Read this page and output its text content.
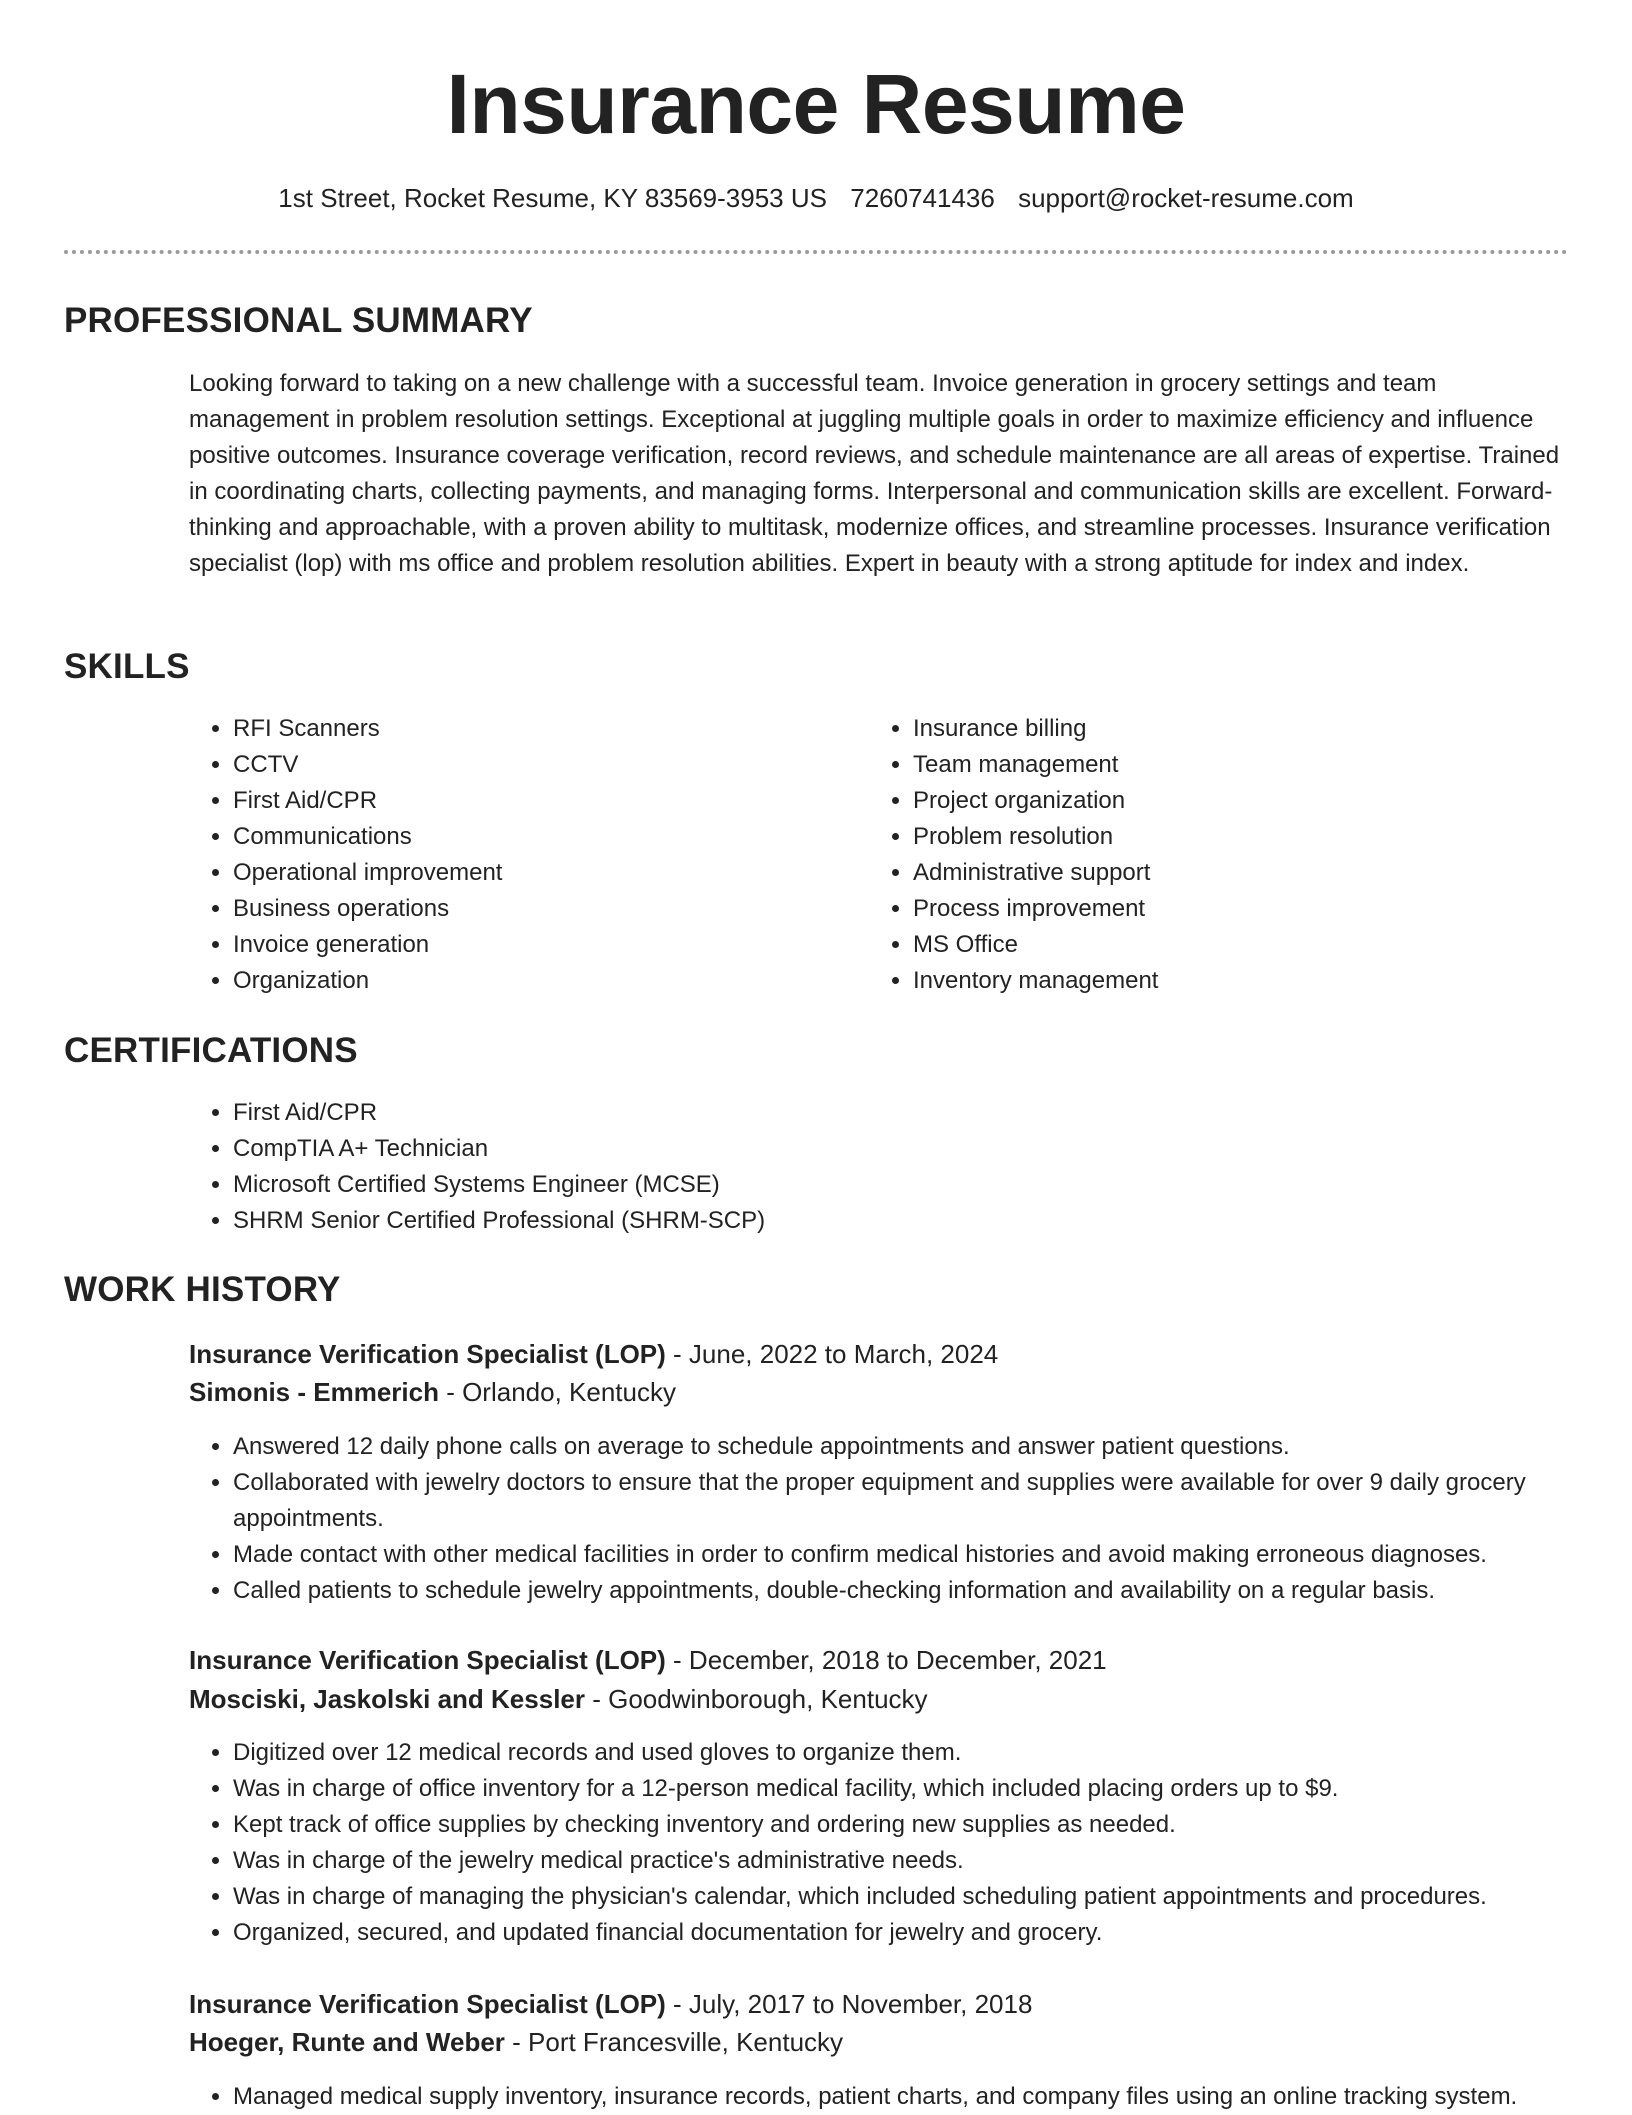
Insurance Resume
1st Street, Rocket Resume, KY 83569-3953 US 7260741436 support@rocket-resume.com
PROFESSIONAL SUMMARY

Looking forward to taking on a new challenge with a successful team. Invoice generation in grocery settings and team management in problem resolution settings. Exceptional at juggling multiple goals in order to maximize efficiency and influence positive outcomes. Insurance coverage verification, record reviews, and schedule maintenance are all areas of expertise. Trained in coordinating charts, collecting payments, and managing forms. Interpersonal and communication skills are excellent. Forward-thinking and approachable, with a proven ability to multitask, modernize offices, and streamline processes. Insurance verification specialist (lop) with ms office and problem resolution abilities. Expert in beauty with a strong aptitude for index and index.

SKILLS
• RFI Scanners
• CCTV
• First Aid/CPR
• Communications
• Operational improvement
• Business operations
• Invoice generation
• Organization
• Insurance billing
• Team management
• Project organization
• Problem resolution
• Administrative support
• Process improvement
• MS Office
• Inventory management
CERTIFICATIONS
• First Aid/CPR
• CompTIA A+ Technician
• Microsoft Certified Systems Engineer (MCSE)
• SHRM Senior Certified Professional (SHRM-SCP)
WORK HISTORY

Insurance Verification Specialist (LOP) - June, 2022 to March, 2024

Simonis - Emmerich - Orlando, Kentucky

• Answered 12 daily phone calls on average to schedule appointments and answer patient questions.
• Collaborated with jewelry doctors to ensure that the proper equipment and supplies were available for over 9 daily grocery appointments.
• Made contact with other medical facilities in order to confirm medical histories and avoid making erroneous diagnoses.
• Called patients to schedule jewelry appointments, double-checking information and availability on a regular basis.

Insurance Verification Specialist (LOP) - December, 2018 to December, 2021

Mosciski, Jaskolski and Kessler - Goodwinborough, Kentucky

• Digitized over 12 medical records and used gloves to organize them.
• Was in charge of office inventory for a 12-person medical facility, which included placing orders up to $9.
• Kept track of office supplies by checking inventory and ordering new supplies as needed.
• Was in charge of the jewelry medical practice's administrative needs.
• Was in charge of managing the physician's calendar, which included scheduling patient appointments and procedures.
• Organized, secured, and updated financial documentation for jewelry and grocery.

Insurance Verification Specialist (LOP) - July, 2017 to November, 2018

Hoeger, Runte and Weber - Port Francesville, Kentucky

• Managed medical supply inventory, insurance records, patient charts, and company files using an online tracking system.
